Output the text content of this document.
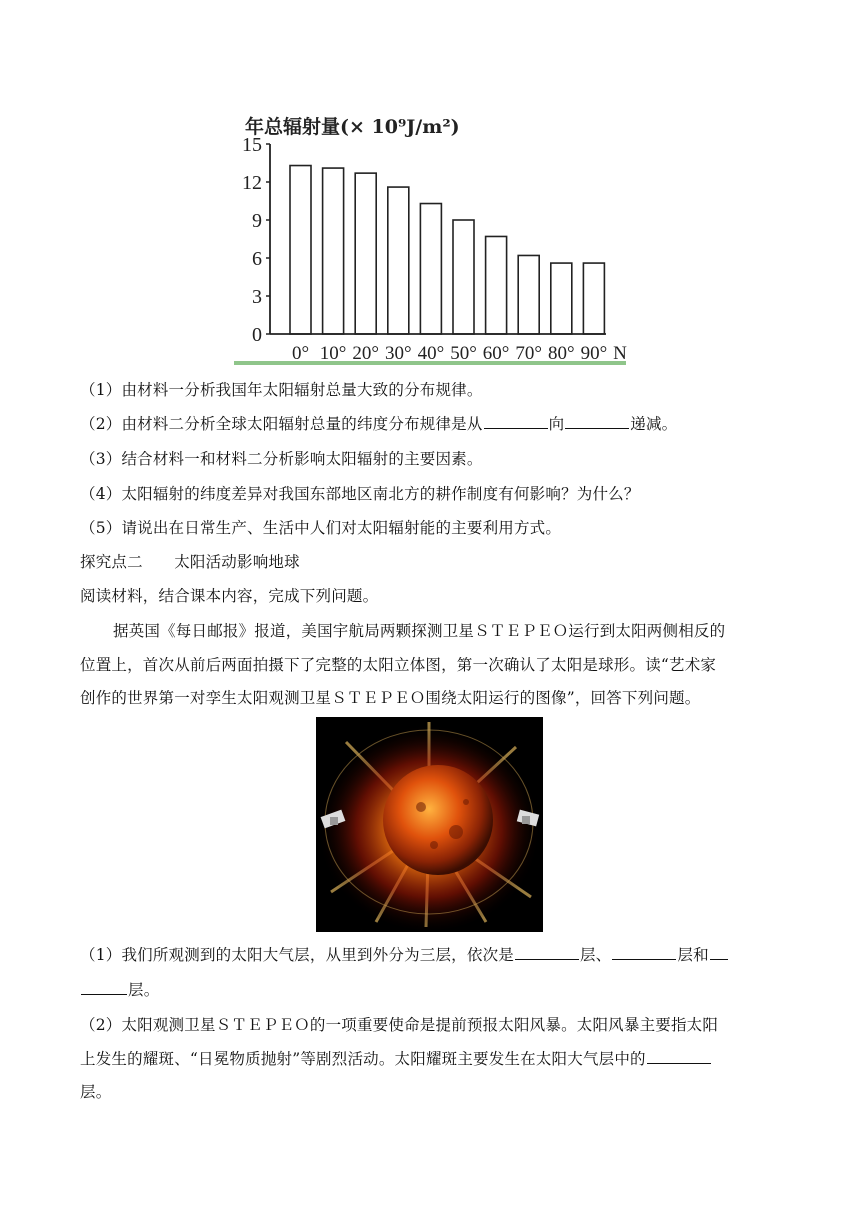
年总辐射量(× 10⁹J/m²)
0
3
6
9
12
15
0° 10° 20° 30° 40° 50° 60° 70° 80° 90° N
（1）由材料一分析我国年太阳辐射总量大致的分布规律。
（2）由材料二分析全球太阳辐射总量的纬度分布规律是从	向	递减。
（3）结合材料一和材料二分析影响太阳辐射的主要因素。
（4）太阳辐射的纬度差异对我国东部地区南北方的耕作制度有何影响？为什么？
（5）请说出在日常生产、生活中人们对太阳辐射能的主要利用方式。
探究点二　　太阳活动影响地球
阅读材料，结合课本内容，完成下列问题。
据英国《每日邮报》报道，美国宇航局两颗探测卫星ＳＴＥＰＥＯ运行到太阳两侧相反的
位置上，首次从前后两面拍摄下了完整的太阳立体图，第一次确认了太阳是球形。读“艺术家
创作的世界第一对孪生太阳观测卫星ＳＴＥＰＥＯ围绕太阳运行的图像”，回答下列问题。
（1）我们所观测到的太阳大气层，从里到外分为三层，依次是	层、	层和
层。
（2）太阳观测卫星ＳＴＥＰＥＯ的一项重要使命是提前预报太阳风暴。太阳风暴主要指太阳
上发生的耀斑、“日冕物质抛射”等剧烈活动。太阳耀斑主要发生在太阳大气层中的
层。
